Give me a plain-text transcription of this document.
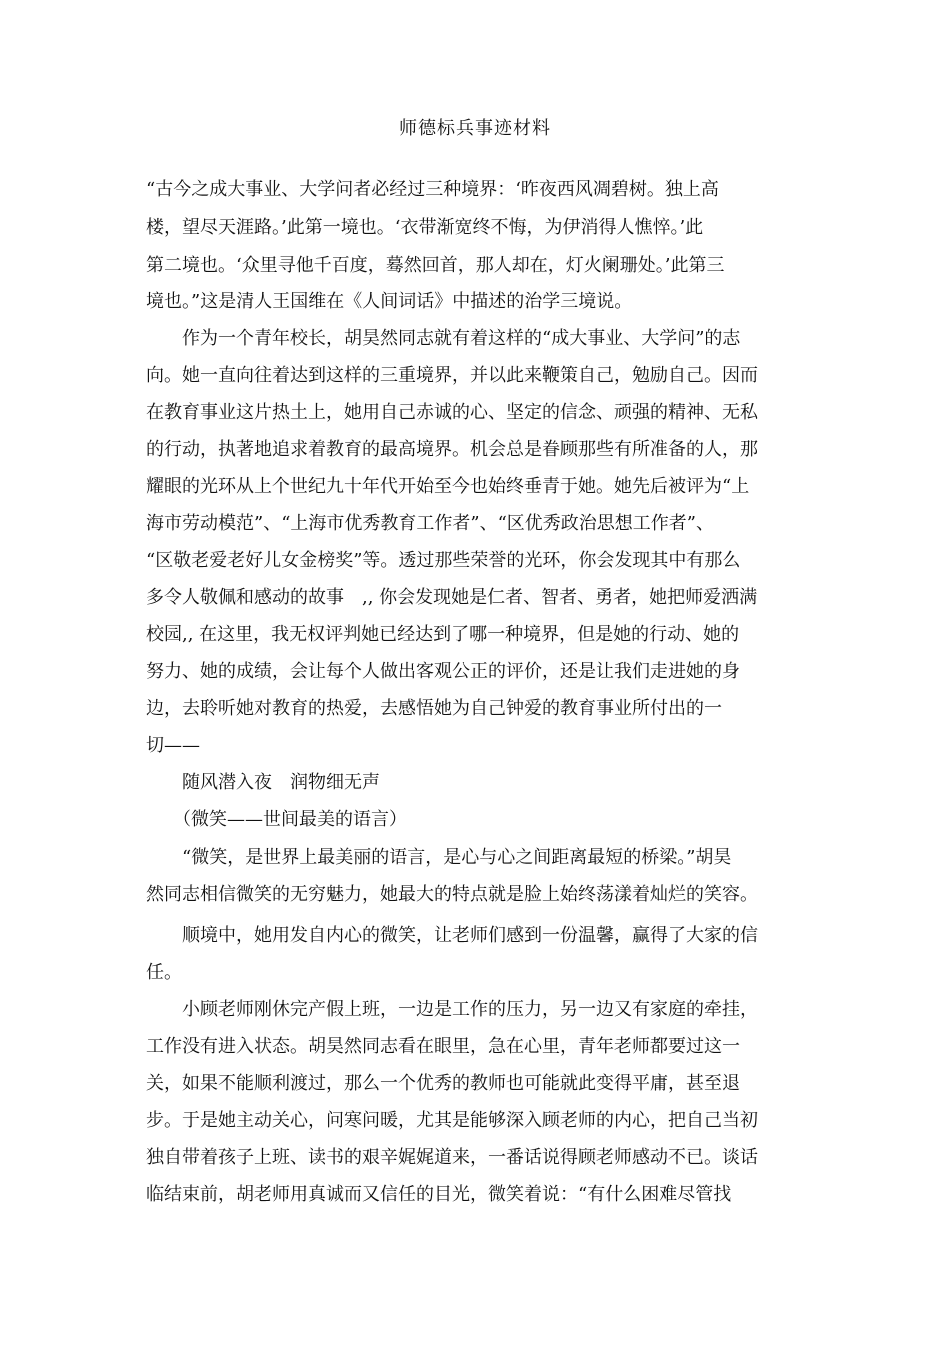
师德标兵事迹材料
“古今之成大事业、大学问者必经过三种境界：‘昨夜西风凋碧树。独上高
楼，望尽天涯路。’此第一境也。‘衣带渐宽终不悔，为伊消得人憔悴。’此
第二境也。‘众里寻他千百度，蓦然回首，那人却在，灯火阑珊处。’此第三
境也。”这是清人王国维在《人间词话》中描述的治学三境说。
　　作为一个青年校长，胡昊然同志就有着这样的“成大事业、大学问”的志
向。她一直向往着达到这样的三重境界，并以此来鞭策自己，勉励自己。因而
在教育事业这片热土上，她用自己赤诚的心、坚定的信念、顽强的精神、无私
的行动，执著地追求着教育的最高境界。机会总是眷顾那些有所准备的人，那
耀眼的光环从上个世纪九十年代开始至今也始终垂青于她。她先后被评为“上
海市劳动模范”、“上海市优秀教育工作者”、“区优秀政治思想工作者”、
“区敬老爱老好儿女金榜奖”等。透过那些荣誉的光环，你会发现其中有那么
多令人敬佩和感动的故事　,, 你会发现她是仁者、智者、勇者，她把师爱洒满
校园,, 在这里，我无权评判她已经达到了哪一种境界，但是她的行动、她的
努力、她的成绩，会让每个人做出客观公正的评价，还是让我们走进她的身
边，去聆听她对教育的热爱，去感悟她为自己钟爱的教育事业所付出的一
切——
　　随风潜入夜　润物细无声
　　（微笑——世间最美的语言）
　　“微笑，是世界上最美丽的语言，是心与心之间距离最短的桥梁。”胡昊
然同志相信微笑的无穷魅力，她最大的特点就是脸上始终荡漾着灿烂的笑容。
　　顺境中，她用发自内心的微笑，让老师们感到一份温馨，赢得了大家的信
任。
　　小顾老师刚休完产假上班，一边是工作的压力，另一边又有家庭的牵挂，
工作没有进入状态。胡昊然同志看在眼里，急在心里，青年老师都要过这一
关，如果不能顺利渡过，那么一个优秀的教师也可能就此变得平庸，甚至退
步。于是她主动关心，问寒问暖，尤其是能够深入顾老师的内心，把自己当初
独自带着孩子上班、读书的艰辛娓娓道来，一番话说得顾老师感动不已。谈话
临结束前，胡老师用真诚而又信任的目光，微笑着说：“有什么困难尽管找
